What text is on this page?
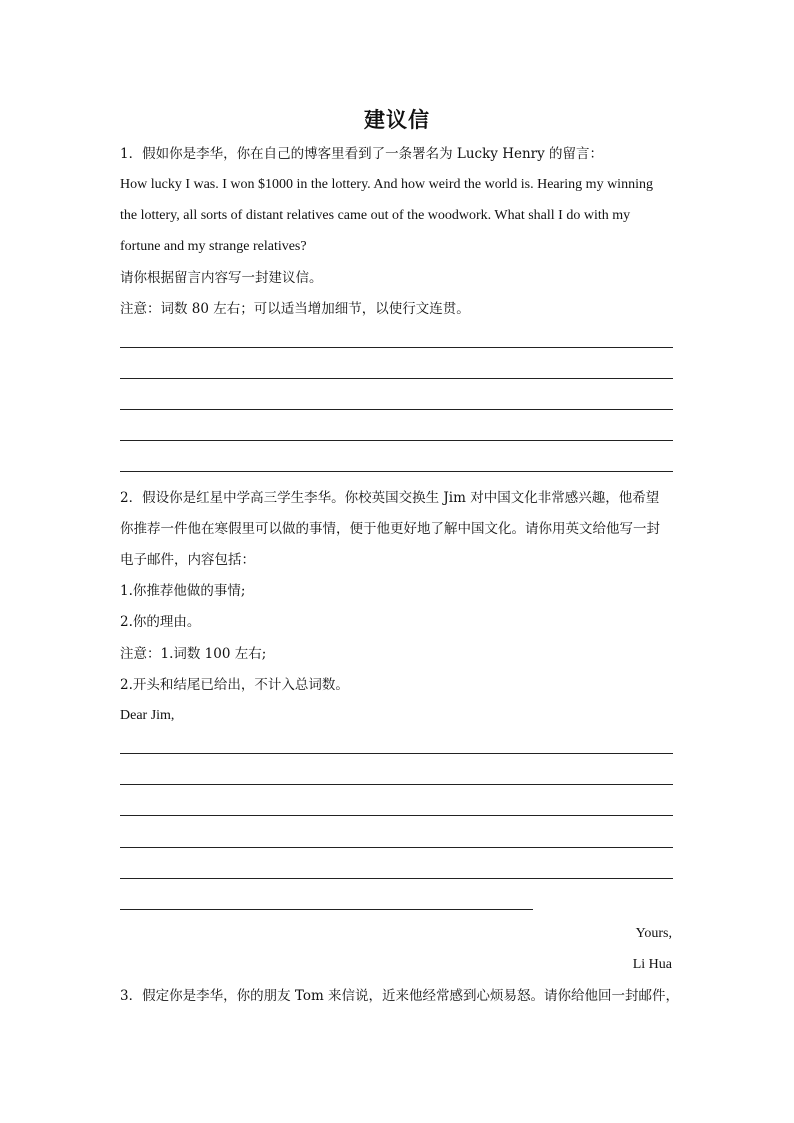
建议信
1．假如你是李华，你在自己的博客里看到了一条署名为 Lucky Henry 的留言：
How lucky I was. I won $1000 in the lottery. And how weird the world is. Hearing my winning
the lottery, all sorts of distant relatives came out of the woodwork. What shall I do with my
fortune and my strange relatives?
请你根据留言内容写一封建议信。
注意：词数 80 左右；可以适当增加细节，以使行文连贯。
2．假设你是红星中学高三学生李华。你校英国交换生 Jim 对中国文化非常感兴趣，他希望
你推荐一件他在寒假里可以做的事情，便于他更好地了解中国文化。请你用英文给他写一封
电子邮件，内容包括：
1.你推荐他做的事情;
2.你的理由。
注意：1.词数 100 左右;
2.开头和结尾已给出，不计入总词数。
Dear Jim,
Yours,
Li Hua
3．假定你是李华，你的朋友 Tom 来信说，近来他经常感到心烦易怒。请你给他回一封邮件，
